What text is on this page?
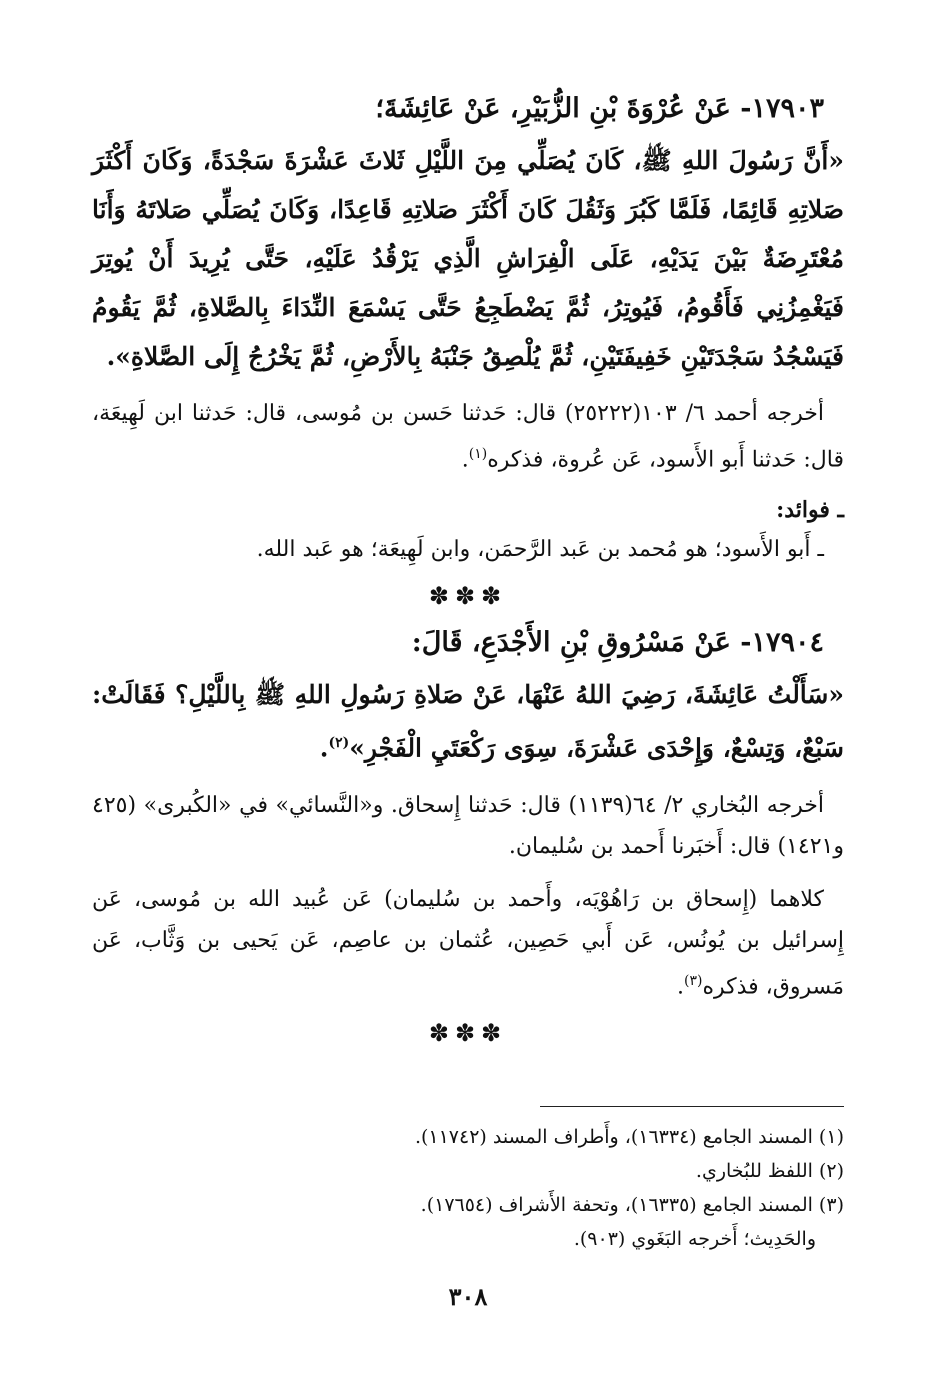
١٧٩٠٣- عَنْ عُرْوَةَ بْنِ الزُّبَيْرِ، عَنْ عَائِشَةَ؛

«أَنَّ رَسُولَ اللهِ ﷺ، كَانَ يُصَلِّي مِنَ اللَّيْلِ ثَلاثَ عَشْرَةَ سَجْدَةً، وَكَانَ أَكْثَرَ صَلاتِهِ قَائِمًا، فَلَمَّا كَبُرَ وَثَقُلَ كَانَ أَكْثَرَ صَلاتِهِ قَاعِدًا، وَكَانَ يُصَلِّي صَلاتَهُ وَأَنَا مُعْتَرِضَةٌ بَيْنَ يَدَيْهِ، عَلَى الْفِرَاشِ الَّذِي يَرْقُدُ عَلَيْهِ، حَتَّى يُرِيدَ أَنْ يُوتِرَ فَيَغْمِزُنِي فَأَقُومُ، فَيُوتِرُ، ثُمَّ يَضْطَجِعُ حَتَّى يَسْمَعَ النِّدَاءَ بِالصَّلاةِ، ثُمَّ يَقُومُ فَيَسْجُدُ سَجْدَتَيْنِ خَفِيفَتَيْنِ، ثُمَّ يُلْصِقُ جَنْبَهُ بِالأَرْضِ، ثُمَّ يَخْرُجُ إِلَى الصَّلاةِ».

أخرجه أحمد ٦/ ١٠٣(٢٥٢٢٢) قال: حَدثنا حَسن بن مُوسى، قال: حَدثنا ابن لَهِيعَة، قال: حَدثنا أَبو الأَسود، عَن عُروة، فذكره$^{(١)}$.

ـ فوائد:

ـ أَبو الأَسود؛ هو مُحمد بن عَبد الرَّحمَن، وابن لَهِيعَة؛ هو عَبد الله.

✽✽✽

١٧٩٠٤- عَنْ مَسْرُوقِ بْنِ الأَجْدَعِ، قَالَ:

«سَأَلْتُ عَائِشَةَ، رَضِيَ اللهُ عَنْهَا، عَنْ صَلاةِ رَسُولِ اللهِ ﷺ بِاللَّيْلِ؟ فَقَالَتْ: سَبْعٌ، وَتِسْعٌ، وَإِحْدَى عَشْرَةَ، سِوَى رَكْعَتَيِ الْفَجْرِ»$^{(٢)}$.

أخرجه البُخاري ٢/ ٦٤(١١٣٩) قال: حَدثنا إِسحاق. و«النَّسائي» في «الكُبرى» (٤٢٥ و١٤٢١) قال: أَخبَرنا أَحمد بن سُليمان.

كلاهما (إِسحاق بن رَاهُوْيَه، وأَحمد بن سُليمان) عَن عُبيد الله بن مُوسى، عَن إِسرائيل بن يُونُس، عَن أَبي حَصِين، عُثمان بن عاصِم، عَن يَحيى بن وَثَّاب، عَن مَسروق، فذكره$^{(٣)}$.

✽✽✽

(١) المسند الجامع (١٦٣٣٤)، وأَطراف المسند (١١٧٤٢).

(٢) اللفظ للبُخاري.

(٣) المسند الجامع (١٦٣٣٥)، وتحفة الأَشراف (١٧٦٥٤).

والحَدِيث؛ أَخرجه البَغَوي (٩٠٣).

٣٠٨
